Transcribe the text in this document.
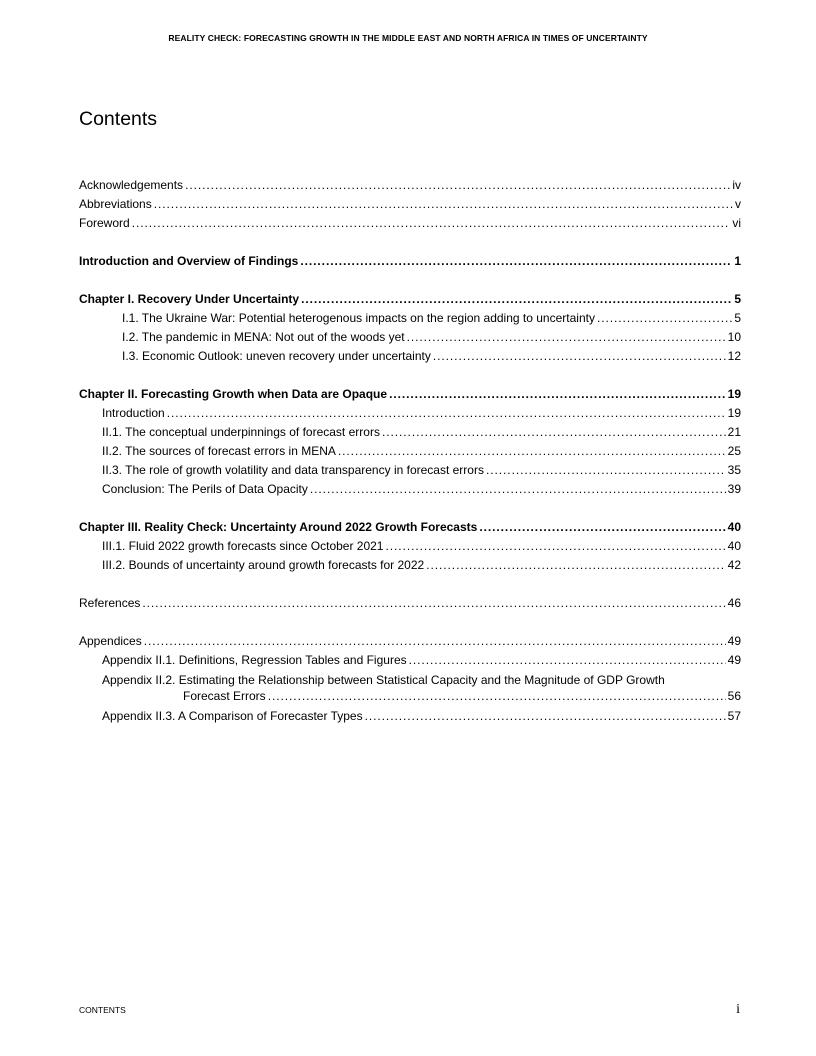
REALITY CHECK: FORECASTING GROWTH IN THE MIDDLE EAST AND NORTH AFRICA IN TIMES OF UNCERTAINTY
Contents
Acknowledgements . . .	iv
Abbreviations . . .	v
Foreword . . .	vi
Introduction and Overview of Findings . . .	1
Chapter I. Recovery Under Uncertainty . . .	5
I.1. The Ukraine War: Potential heterogenous impacts on the region adding to uncertainty . . .	5
I.2. The pandemic in MENA: Not out of the woods yet . . .	10
I.3. Economic Outlook: uneven recovery under uncertainty . . .	12
Chapter II. Forecasting Growth when Data are Opaque . . .	19
Introduction . . .	19
II.1. The conceptual underpinnings of forecast errors . . .	21
II.2. The sources of forecast errors in MENA . . .	25
II.3. The role of growth volatility and data transparency in forecast errors . . .	35
Conclusion: The Perils of Data Opacity . . .	39
Chapter III. Reality Check: Uncertainty Around 2022 Growth Forecasts . . .	40
III.1. Fluid 2022 growth forecasts since October 2021 . . .	40
III.2. Bounds of uncertainty around growth forecasts for 2022 . . .	42
References . . .	46
Appendices . . .	49
Appendix II.1. Definitions, Regression Tables and Figures . . .	49
Appendix II.2. Estimating the Relationship between Statistical Capacity and the Magnitude of GDP Growth
Forecast Errors . . .	56
Appendix II.3. A Comparison of Forecaster Types . . .	57
CONTENTS	i
